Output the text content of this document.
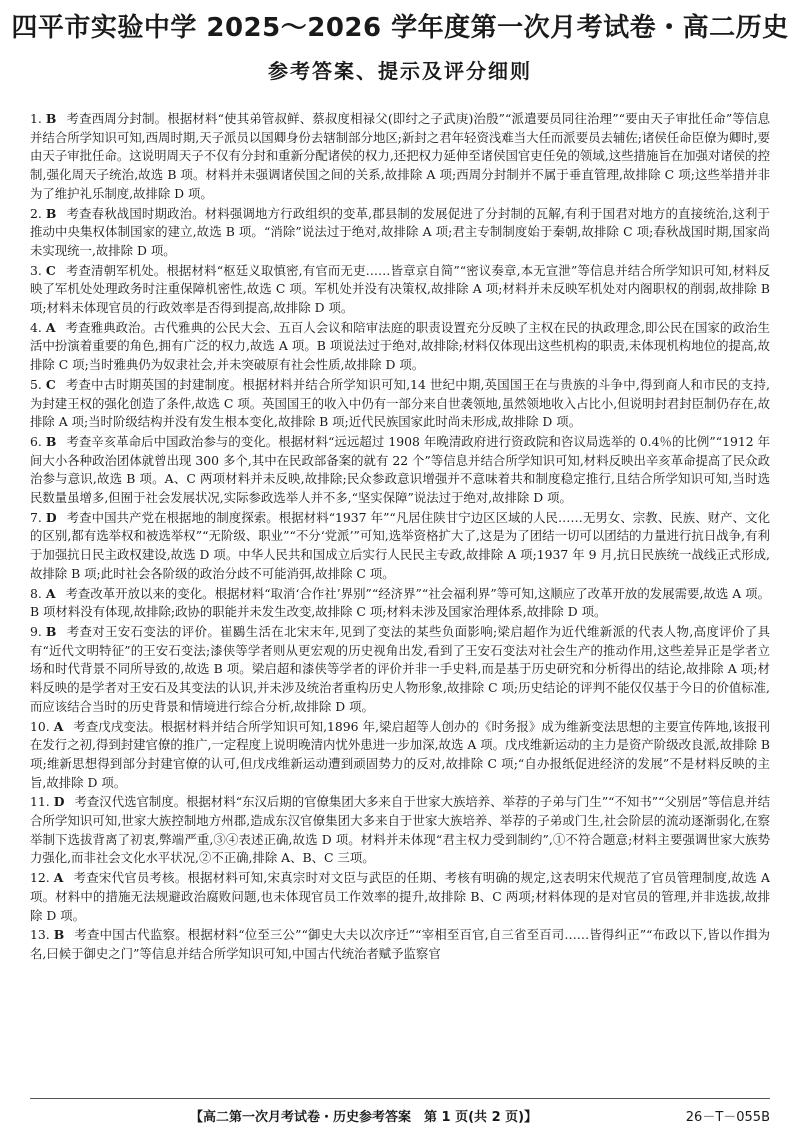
四平市实验中学 2025～2026 学年度第一次月考试卷・高二历史
参考答案、提示及评分细则

1. B 考查西周分封制。根据材料“使其弟管叔鲜、蔡叔度相禄父(即纣之子武庚)治殷”“派遣要员同往治理”“要由天子审批任命”等信息并结合所学知识可知,西周时期,天子派员以国卿身份去辖制部分地区;新封之君年轻资浅难当大任而派要员去辅佐;诸侯任命臣僚为卿时,要由天子审批任命。这说明周天子不仅有分封和重新分配诸侯的权力,还把权力延伸至诸侯国官吏任免的领域,这些措施旨在加强对诸侯的控制,强化周天子统治,故选 B 项。材料并未强调诸侯国之间的关系,故排除 A 项;西周分封制并不属于垂直管理,故排除 C 项;这些举措并非为了维护礼乐制度,故排除 D 项。

2. B 考查春秋战国时期政治。材料强调地方行政组织的变革,郡县制的发展促进了分封制的瓦解,有利于国君对地方的直接统治,这利于推动中央集权体制国家的建立,故选 B 项。“消除”说法过于绝对,故排除 A 项;君主专制制度始于秦朝,故排除 C 项;春秋战国时期,国家尚未实现统一,故排除 D 项。

3. C 考查清朝军机处。根据材料“枢廷义取慎密,有官而无吏……皆章京自简”“密议奏章,本无宣泄”等信息并结合所学知识可知,材料反映了军机处处理政务时注重保障机密性,故选 C 项。军机处并没有决策权,故排除 A 项;材料并未反映军机处对内阁职权的削弱,故排除 B 项;材料未体现官员的行政效率是否得到提高,故排除 D 项。

4. A 考查雅典政治。古代雅典的公民大会、五百人会议和陪审法庭的职责设置充分反映了主权在民的执政理念,即公民在国家的政治生活中扮演着重要的角色,拥有广泛的权力,故选 A 项。B 项说法过于绝对,故排除;材料仅体现出这些机构的职责,未体现机构地位的提高,故排除 C 项;当时雅典仍为奴隶社会,并未突破原有社会性质,故排除 D 项。

5. C 考查中古时期英国的封建制度。根据材料并结合所学知识可知,14 世纪中期,英国国王在与贵族的斗争中,得到商人和市民的支持,为封建王权的强化创造了条件,故选 C 项。英国国王的收入中仍有一部分来自世袭领地,虽然领地收入占比小,但说明封君封臣制仍存在,故排除 A 项;当时阶级结构并没有发生根本变化,故排除 B 项;近代民族国家此时尚未形成,故排除 D 项。

6. B 考查辛亥革命后中国政治参与的变化。根据材料“远远超过 1908 年晚清政府进行资政院和咨议局选举的 0.4％的比例”“1912 年间大小各种政治团体就曾出现 300 多个,其中在民政部备案的就有 22 个”等信息并结合所学知识可知,材料反映出辛亥革命提高了民众政治参与意识,故选 B 项。A、C 两项材料并未反映,故排除;民众参政意识增强并不意味着共和制度稳定推行,且结合所学知识可知,当时选民数量虽增多,但囿于社会发展状况,实际参政选举人并不多,“坚实保障”说法过于绝对,故排除 D 项。

7. D 考查中国共产党在根据地的制度探索。根据材料“1937 年”“凡居住陕甘宁边区区域的人民……无男女、宗教、民族、财产、文化的区别,都有选举权和被选举权”“无阶级、职业”“不分‘党派’”可知,选举资格扩大了,这是为了团结一切可以团结的力量进行抗日战争,有利于加强抗日民主政权建设,故选 D 项。中华人民共和国成立后实行人民民主专政,故排除 A 项;1937 年 9 月,抗日民族统一战线正式形成,故排除 B 项;此时社会各阶级的政治分歧不可能消弭,故排除 C 项。

8. A 考查改革开放以来的变化。根据材料“取消‘合作社’界别”“经济界”“社会福利界”等可知,这顺应了改革开放的发展需要,故选 A 项。B 项材料没有体现,故排除;政协的职能并未发生改变,故排除 C 项;材料未涉及国家治理体系,故排除 D 项。

9. B 考查对王安石变法的评价。崔鶠生活在北宋末年,见到了变法的某些负面影响;梁启超作为近代维新派的代表人物,高度评价了具有“近代文明特征”的王安石变法;漆侠等学者则从更宏观的历史视角出发,看到了王安石变法对社会生产的推动作用,这些差异正是学者立场和时代背景不同所导致的,故选 B 项。梁启超和漆侠等学者的评价并非一手史料,而是基于历史研究和分析得出的结论,故排除 A 项;材料反映的是学者对王安石及其变法的认识,并未涉及统治者重构历史人物形象,故排除 C 项;历史结论的评判不能仅仅基于今日的价值标准,而应该结合当时的历史背景和情境进行综合分析,故排除 D 项。

10. A 考查戊戌变法。根据材料并结合所学知识可知,1896 年,梁启超等人创办的《时务报》成为维新变法思想的主要宣传阵地,该报刊在发行之初,得到封建官僚的推广,一定程度上说明晚清内忧外患进一步加深,故选 A 项。戊戌维新运动的主力是资产阶级改良派,故排除 B 项;维新思想得到部分封建官僚的认可,但戊戌维新运动遭到顽固势力的反对,故排除 C 项;“自办报纸促进经济的发展”不是材料反映的主旨,故排除 D 项。

11. D 考查汉代选官制度。根据材料“东汉后期的官僚集团大多来自于世家大族培养、举荐的子弟与门生”“不知书”“父别居”等信息并结合所学知识可知,世家大族控制地方州郡,造成东汉官僚集团大多来自于世家大族培养、举荐的子弟或门生,社会阶层的流动逐渐弱化,在察举制下选拔背离了初衷,弊端严重,③④表述正确,故选 D 项。材料并未体现“君主权力受到制约”,①不符合题意;材料主要强调世家大族势力强化,而非社会文化水平状况,②不正确,排除 A、B、C 三项。

12. A 考查宋代官员考核。根据材料可知,宋真宗时对文臣与武臣的任期、考核有明确的规定,这表明宋代规范了官员管理制度,故选 A 项。材料中的措施无法规避政治腐败问题,也未体现官员工作效率的提升,故排除 B、C 两项;材料体现的是对官员的管理,并非选拔,故排除 D 项。

13. B 考查中国古代监察。根据材料“位至三公”“御史大夫以次序迁”“宰相至百官,自三省至百司……皆得纠正”“布政以下,皆以作揖为名,曰候于御史之门”等信息并结合所学知识可知,中国古代统治者赋予监察官

【高二第一次月考试卷・历史参考答案　第 1 页(共 2 页)】	26－T－055B
